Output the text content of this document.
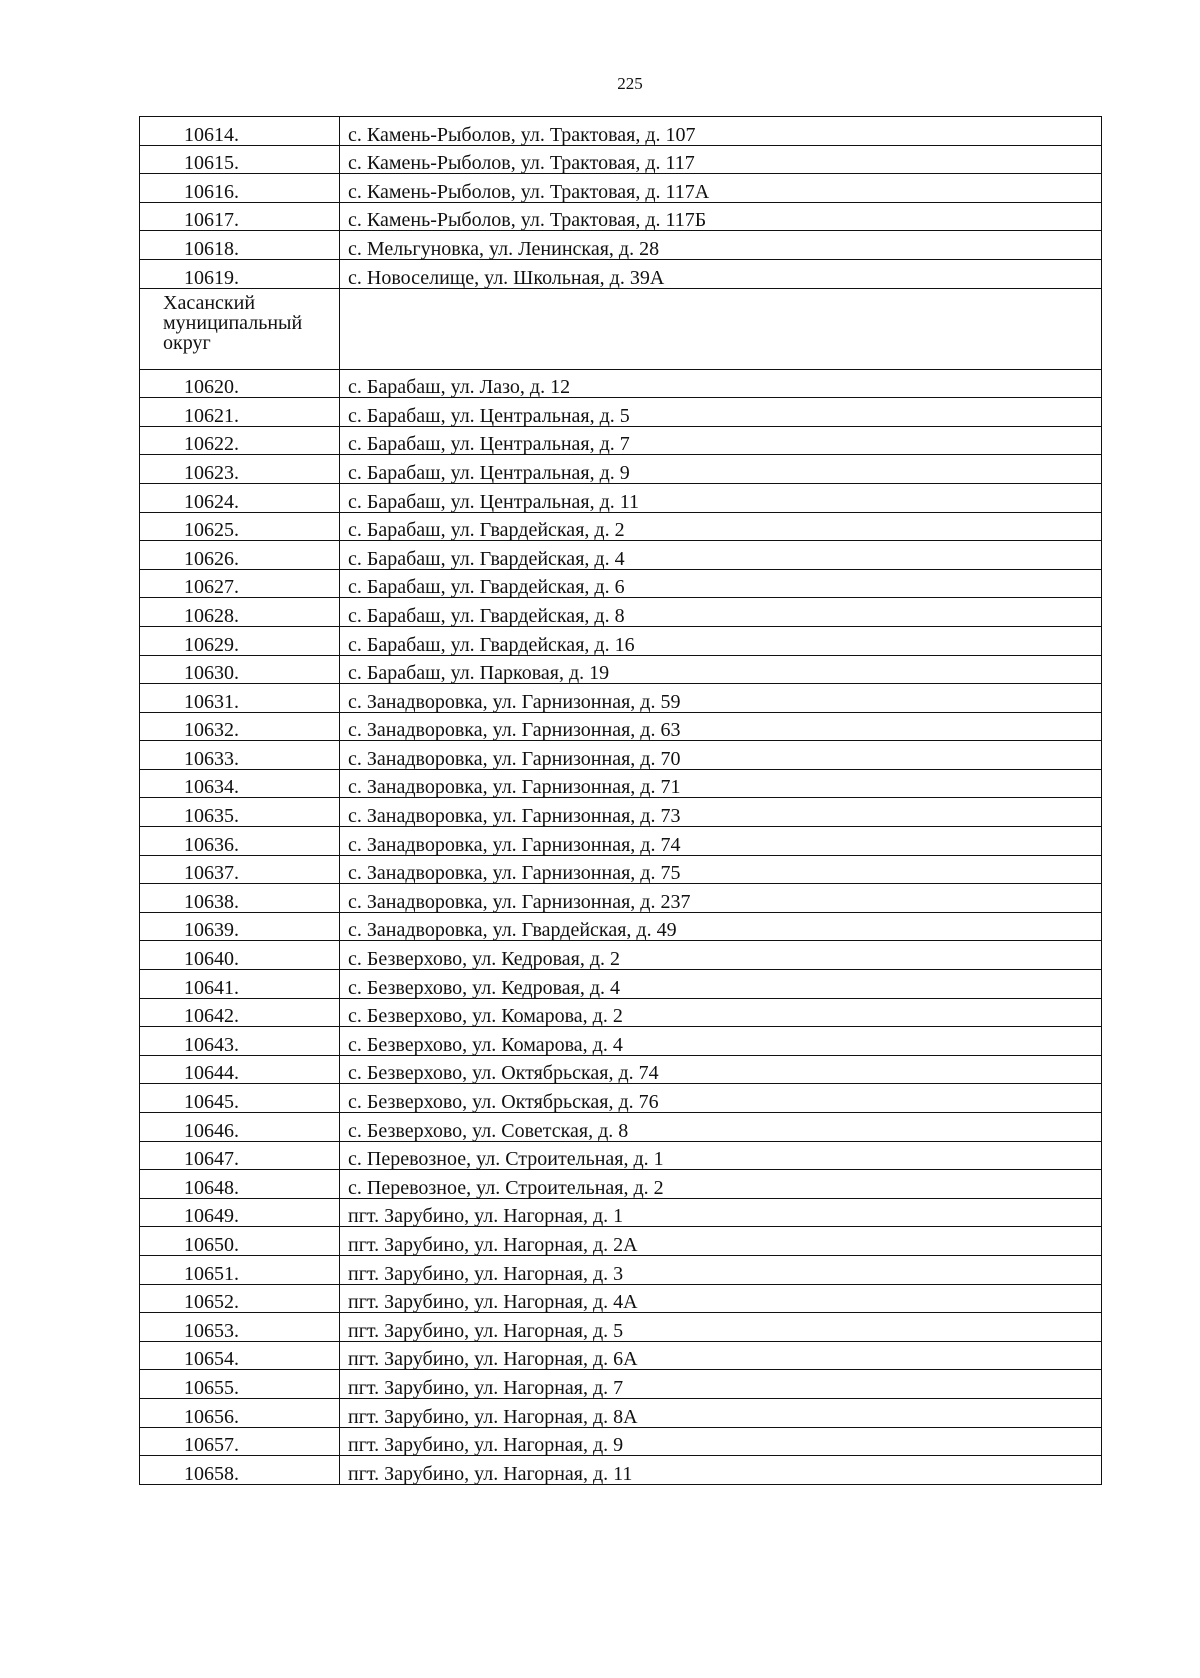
225
10614.	с. Камень-Рыболов, ул. Трактовая, д. 107
10615.	с. Камень-Рыболов, ул. Трактовая, д. 117
10616.	с. Камень-Рыболов, ул. Трактовая, д. 117А
10617.	с. Камень-Рыболов, ул. Трактовая, д. 117Б
10618.	с. Мельгуновка, ул. Ленинская, д. 28
10619.	с. Новоселище, ул. Школьная, д. 39А

Хасанский
муниципальный
округ	

10620.	с. Барабаш, ул. Лазо, д. 12
10621.	с. Барабаш, ул. Центральная, д. 5
10622.	с. Барабаш, ул. Центральная, д. 7
10623.	с. Барабаш, ул. Центральная, д. 9
10624.	с. Барабаш, ул. Центральная, д. 11
10625.	с. Барабаш, ул. Гвардейская, д. 2
10626.	с. Барабаш, ул. Гвардейская, д. 4
10627.	с. Барабаш, ул. Гвардейская, д. 6
10628.	с. Барабаш, ул. Гвардейская, д. 8
10629.	с. Барабаш, ул. Гвардейская, д. 16
10630.	с. Барабаш, ул. Парковая, д. 19
10631.	с. Занадворовка, ул. Гарнизонная, д. 59
10632.	с. Занадворовка, ул. Гарнизонная, д. 63
10633.	с. Занадворовка, ул. Гарнизонная, д. 70
10634.	с. Занадворовка, ул. Гарнизонная, д. 71
10635.	с. Занадворовка, ул. Гарнизонная, д. 73
10636.	с. Занадворовка, ул. Гарнизонная, д. 74
10637.	с. Занадворовка, ул. Гарнизонная, д. 75
10638.	с. Занадворовка, ул. Гарнизонная, д. 237
10639.	с. Занадворовка, ул. Гвардейская, д. 49
10640.	с. Безверхово, ул. Кедровая, д. 2
10641.	с. Безверхово, ул. Кедровая, д. 4
10642.	с. Безверхово, ул. Комарова, д. 2
10643.	с. Безверхово, ул. Комарова, д. 4
10644.	с. Безверхово, ул. Октябрьская, д. 74
10645.	с. Безверхово, ул. Октябрьская, д. 76
10646.	с. Безверхово, ул. Советская, д. 8
10647.	с. Перевозное, ул. Строительная, д. 1
10648.	с. Перевозное, ул. Строительная, д. 2
10649.	пгт. Зарубино, ул. Нагорная, д. 1
10650.	пгт. Зарубино, ул. Нагорная, д. 2А
10651.	пгт. Зарубино, ул. Нагорная, д. 3
10652.	пгт. Зарубино, ул. Нагорная, д. 4А
10653.	пгт. Зарубино, ул. Нагорная, д. 5
10654.	пгт. Зарубино, ул. Нагорная, д. 6А
10655.	пгт. Зарубино, ул. Нагорная, д. 7
10656.	пгт. Зарубино, ул. Нагорная, д. 8А
10657.	пгт. Зарубино, ул. Нагорная, д. 9
10658.	пгт. Зарубино, ул. Нагорная, д. 11
